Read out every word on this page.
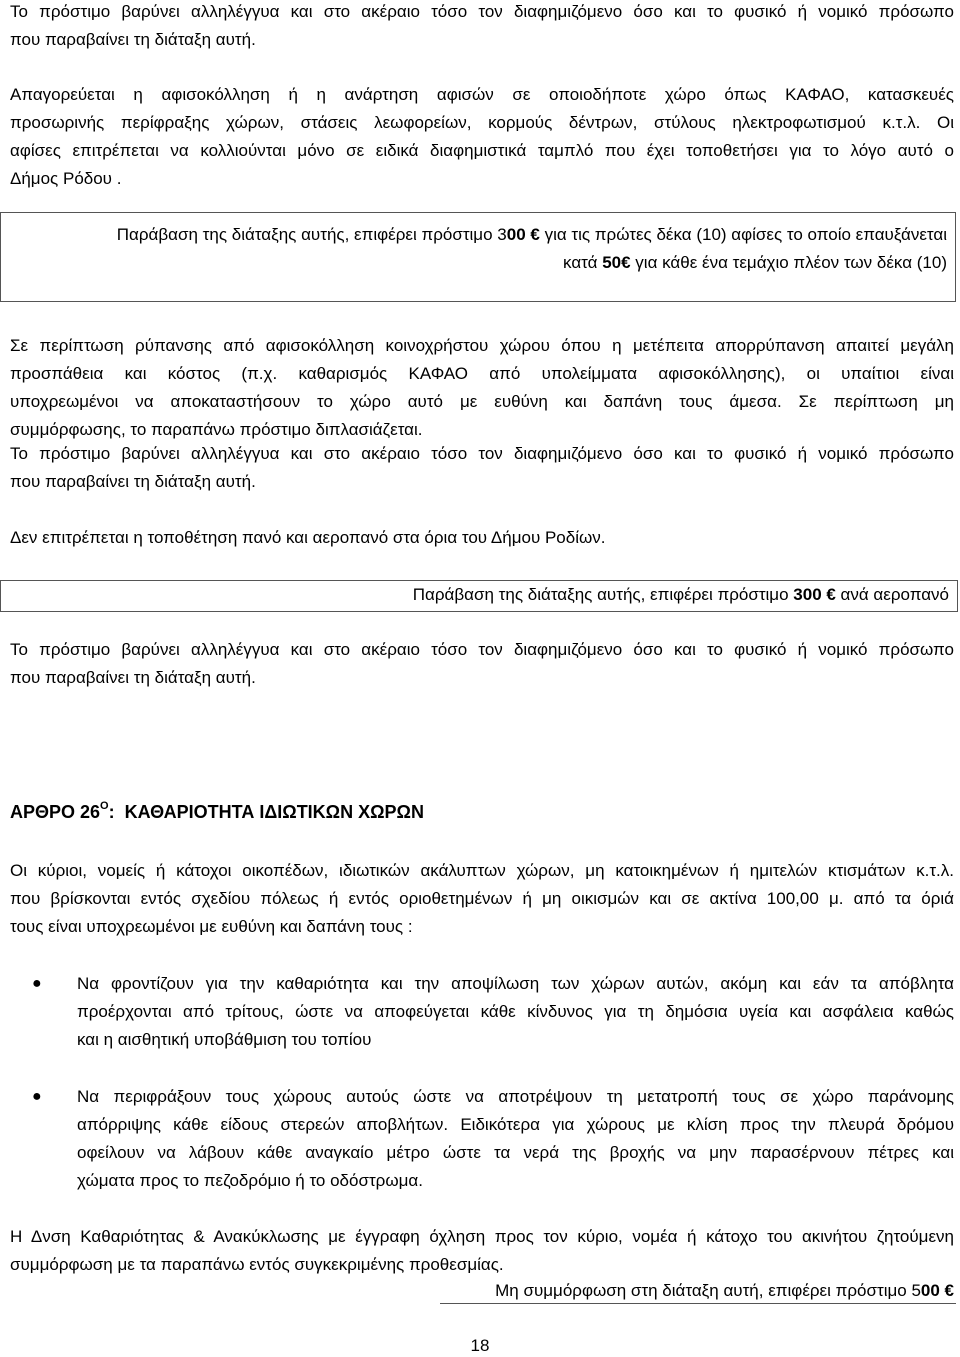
Το πρόστιμο βαρύνει αλληλέγγυα και στο ακέραιο τόσο τον διαφημιζόμενο όσο και το φυσικό ή νομικό πρόσωπο
που παραβαίνει τη διάταξη αυτή.
Απαγορεύεται η αφισοκόλληση ή η ανάρτηση αφισών σε οποιοδήποτε χώρο όπως ΚΑΦΑΟ, κατασκευές
προσωρινής περίφραξης χώρων, στάσεις λεωφορείων, κορμούς δέντρων, στύλους ηλεκτροφωτισμού κ.τ.λ. Οι
αφίσες επιτρέπεται να κολλιούνται μόνο σε ειδικά διαφημιστικά ταμπλό που έχει τοποθετήσει για το λόγο αυτό ο
Δήμος Ρόδου .
Παράβαση της διάταξης αυτής, επιφέρει πρόστιμο 300 € για τις πρώτες δέκα (10) αφίσες το οποίο επαυξάνεται
κατά 50€ για κάθε ένα τεμάχιο πλέον των δέκα (10)
Σε περίπτωση ρύπανσης από αφισοκόλληση κοινοχρήστου χώρου όπου η μετέπειτα απορρύπανση απαιτεί μεγάλη
προσπάθεια και κόστος (π.χ. καθαρισμός ΚΑΦΑΟ από υπολείμματα αφισοκόλλησης), οι υπαίτιοι είναι
υποχρεωμένοι να αποκαταστήσουν το χώρο αυτό με ευθύνη και δαπάνη τους άμεσα. Σε περίπτωση μη
συμμόρφωσης, το παραπάνω πρόστιμο διπλασιάζεται.
Το πρόστιμο βαρύνει αλληλέγγυα και στο ακέραιο τόσο τον διαφημιζόμενο όσο και το φυσικό ή νομικό πρόσωπο
που παραβαίνει τη διάταξη αυτή.
Δεν επιτρέπεται η τοποθέτηση πανό και αεροπανό στα όρια του Δήμου Ροδίων.
Παράβαση της διάταξης αυτής, επιφέρει πρόστιμο 300 € ανά αεροπανό
Το πρόστιμο βαρύνει αλληλέγγυα και στο ακέραιο τόσο τον διαφημιζόμενο όσο και το φυσικό ή νομικό πρόσωπο
που παραβαίνει τη διάταξη αυτή.
ΑΡΘΡΟ $26^O$:  ΚΑΘΑΡΙΟΤΗΤΑ ΙΔΙΩΤΙΚΩΝ ΧΩΡΩΝ
Οι κύριοι, νομείς ή κάτοχοι οικοπέδων, ιδιωτικών ακάλυπτων χώρων, μη κατοικημένων ή ημιτελών κτισμάτων κ.τ.λ.
που βρίσκονται εντός σχεδίου πόλεως ή εντός οριοθετημένων ή μη οικισμών και σε ακτίνα 100,00 μ. από τα όριά
τους είναι υποχρεωμένοι με ευθύνη και δαπάνη τους :
● Να φροντίζουν για την καθαριότητα και την αποψίλωση των χώρων αυτών, ακόμη και εάν τα απόβλητα
προέρχονται από τρίτους, ώστε να αποφεύγεται κάθε κίνδυνος για τη δημόσια υγεία και ασφάλεια καθώς
και η αισθητική υποβάθμιση του τοπίου
● Να περιφράξουν τους χώρους αυτούς ώστε να αποτρέψουν τη μετατροπή τους σε χώρο παράνομης
απόρριψης κάθε είδους στερεών αποβλήτων. Ειδικότερα για χώρους με κλίση προς την πλευρά δρόμου
οφείλουν να λάβουν κάθε αναγκαίο μέτρο ώστε τα νερά της βροχής να μην παρασέρνουν πέτρες και
χώματα προς το πεζοδρόμιο ή το οδόστρωμα.
Η Δνση Καθαριότητας & Ανακύκλωσης με έγγραφη όχληση προς τον κύριο, νομέα ή κάτοχο του ακινήτου ζητούμενη
συμμόρφωση με τα παραπάνω εντός συγκεκριμένης προθεσμίας.
Μη συμμόρφωση στη διάταξη αυτή, επιφέρει πρόστιμο 500 €
18
